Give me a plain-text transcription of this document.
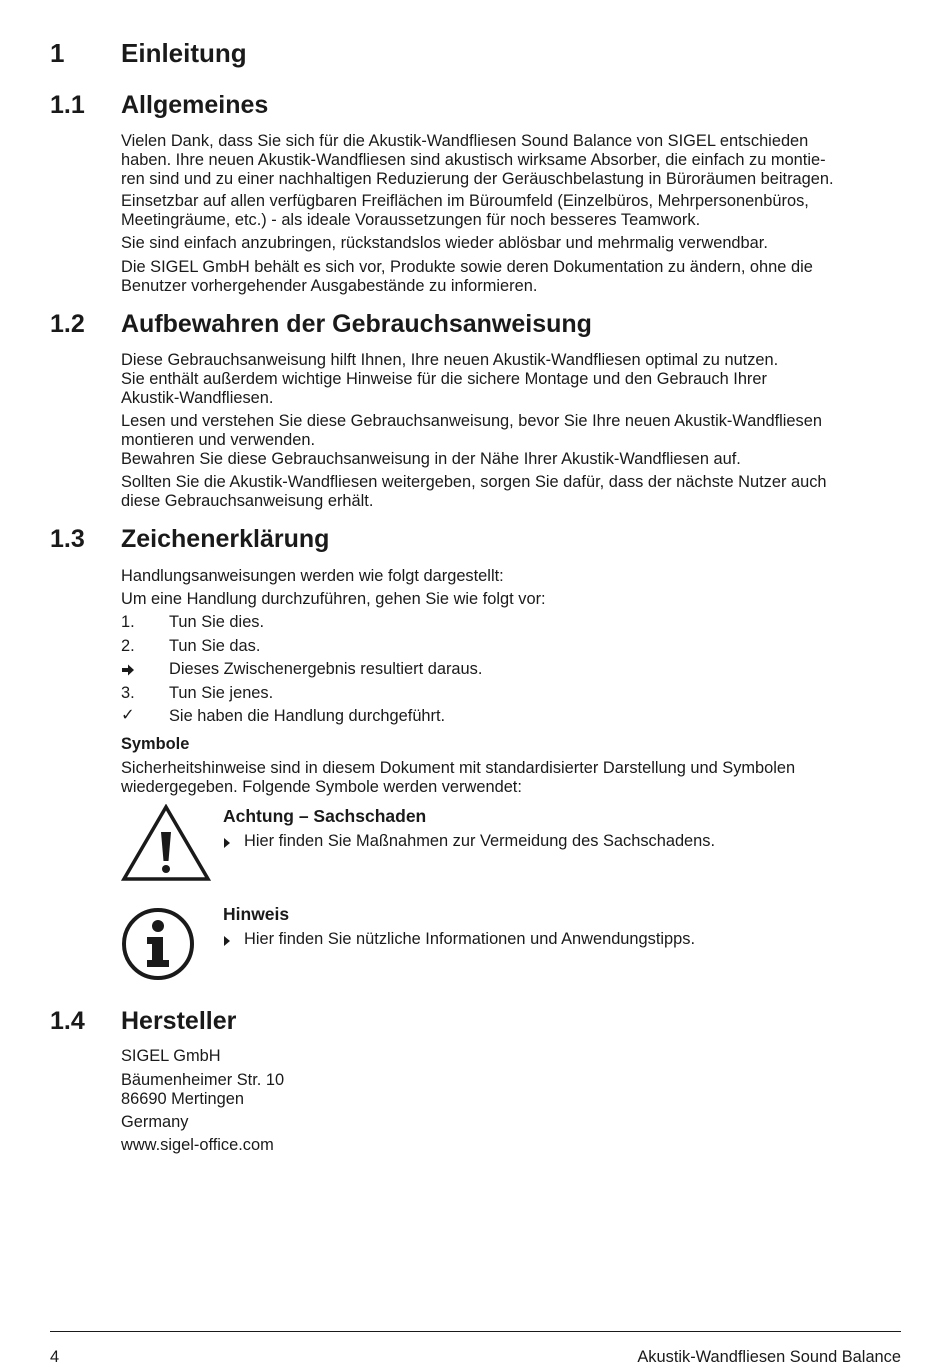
1 Einleitung
1.1 Allgemeines

Vielen Dank, dass Sie sich für die Akustik-Wandfliesen Sound Balance von SIGEL entschieden

haben. Ihre neuen Akustik-Wandfliesen sind akustisch wirksame Absorber, die einfach zu montie-

ren sind und zu einer nachhaltigen Reduzierung der Geräuschbelastung in Büroräumen beitragen.

Einsetzbar auf allen verfügbaren Freiflächen im Büroumfeld (Einzelbüros, Mehrpersonenbüros,

Meetingräume, etc.) - als ideale Voraussetzungen für noch besseres Teamwork.

Sie sind einfach anzubringen, rückstandslos wieder ablösbar und mehrmalig verwendbar.

Die SIGEL GmbH behält es sich vor, Produkte sowie deren Dokumentation zu ändern, ohne die

Benutzer vorhergehender Ausgabestände zu informieren.

1.2 Aufbewahren der Gebrauchsanweisung

Diese Gebrauchsanweisung hilft Ihnen, Ihre neuen Akustik-Wandfliesen optimal zu nutzen.

Sie enthält außerdem wichtige Hinweise für die sichere Montage und den Gebrauch Ihrer

Akustik-Wandfliesen.

Lesen und verstehen Sie diese Gebrauchsanweisung, bevor Sie Ihre neuen Akustik-Wandfliesen

montieren und verwenden.

Bewahren Sie diese Gebrauchsanweisung in der Nähe Ihrer Akustik-Wandfliesen auf.

Sollten Sie die Akustik-Wandfliesen weitergeben, sorgen Sie dafür, dass der nächste Nutzer auch

diese Gebrauchsanweisung erhält.

1.3 Zeichenerklärung
Handlungsanweisungen werden wie folgt dargestellt:
Um eine Handlung durchzuführen, gehen Sie wie folgt vor:
1. Tun Sie dies.
2. Tun Sie das.
Dieses Zwischenergebnis resultiert daraus.
3. Tun Sie jenes.
✓ Sie haben die Handlung durchgeführt.
Symbole

Sicherheitshinweise sind in diesem Dokument mit standardisierter Darstellung und Symbolen

wiedergegeben. Folgende Symbole werden verwendet:

Achtung – Sachschaden
Hier finden Sie Maßnahmen zur Vermeidung des Sachschadens.
Hinweis
Hier finden Sie nützliche Informationen und Anwendungstipps.
1.4 Hersteller
SIGEL GmbH
Bäumenheimer Str. 10
86690 Mertingen
Germany
www.sigel-office.com
4	Akustik-Wandfliesen Sound Balance
